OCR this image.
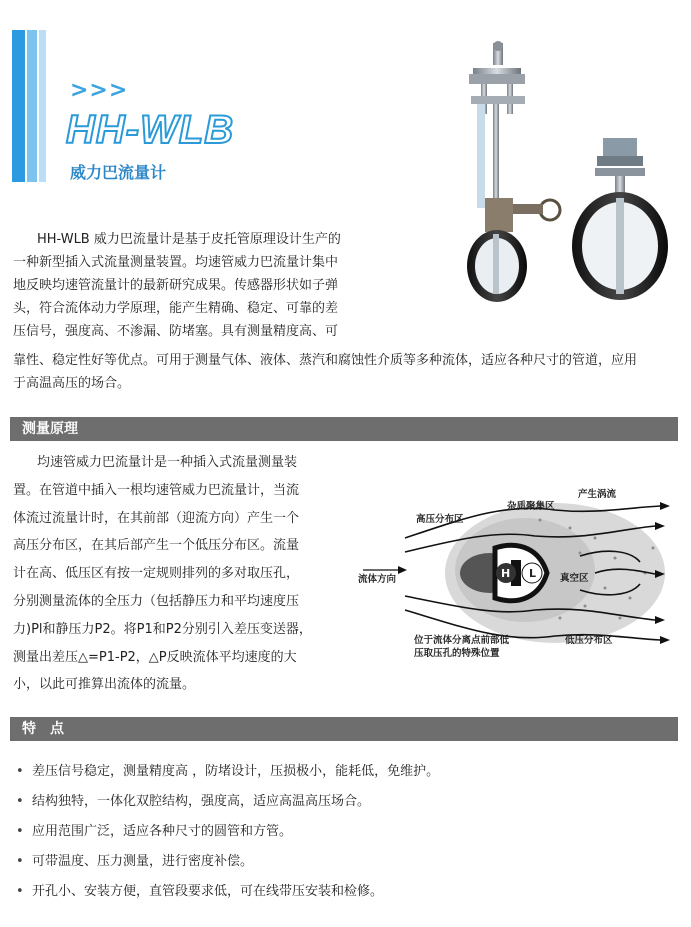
>>>
HH-WLB
威力巴流量计
HH-WLB 威力巴流量计是基于皮托管原理设计生产的
一种新型插入式流量测量装置。均速管威力巴流量计集中
地反映均速管流量计的最新研究成果。传感器形状如子弹
头，符合流体动力学原理，能产生精确、稳定、可靠的差
压信号，强度高、不渗漏、防堵塞。具有测量精度高、可
靠性、稳定性好等优点。可用于测量气体、液体、蒸汽和腐蚀性介质等多种流体，适应各种尺寸的管道，应用
于高温高压的场合。
测量原理
均速管威力巴流量计是一种插入式流量测量装
置。在管道中插入一根均速管威力巴流量计，当流
体流过流量计时，在其前部（迎流方向）产生一个
高压分布区，在其后部产生一个低压分布区。流量
计在高、低压区有按一定规则排列的多对取压孔，
分别测量流体的全压力（包括静压力和平均速度压
力)Pl和静压力P2。将P1和P2分别引入差压变送器，
测量出差压△=P1-P2，△P反映流体平均速度的大
小，以此可推算出流体的流量。
高压分布区
杂质聚集区
产生涡流
流体方向	H L	真空区
低压分布区
位于流体分离点前部低
压取压孔的特殊位置
特　点
• 差压信号稳定，测量精度高 ，防堵设计，压损极小，能耗低，免维护。
• 结构独特，一体化双腔结构，强度高，适应高温高压场合。
• 应用范围广泛，适应各种尺寸的圆管和方管。
• 可带温度、压力测量，进行密度补偿。
• 开孔小、安装方便，直管段要求低，可在线带压安装和检修。
